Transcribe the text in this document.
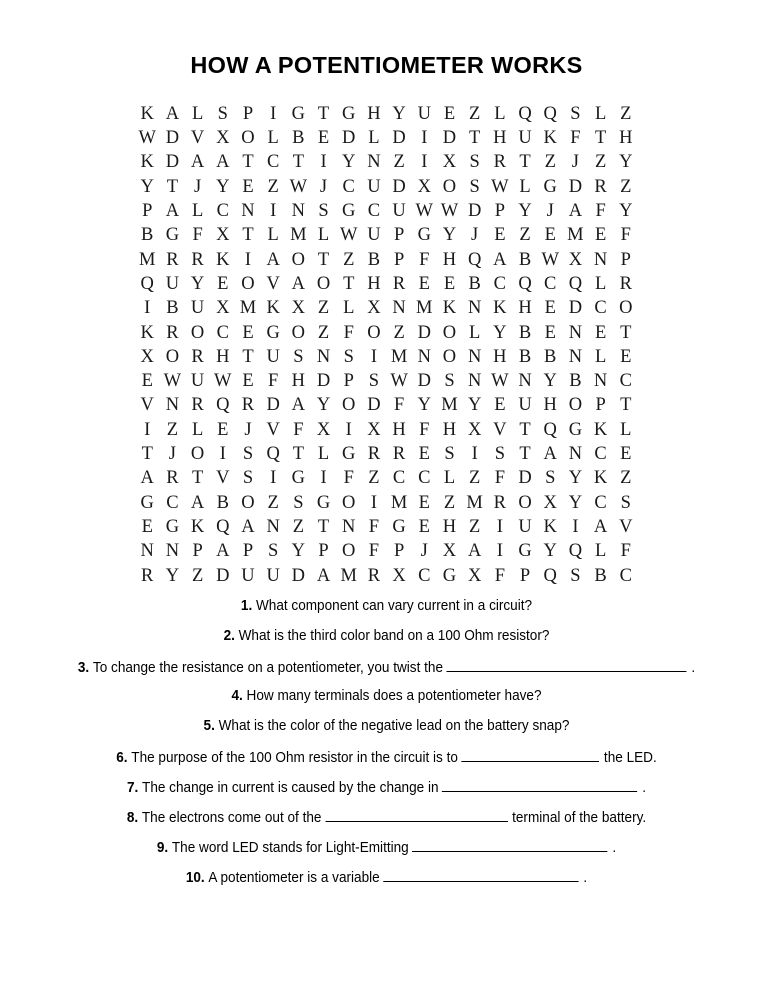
HOW A POTENTIOMETER WORKS
K A L S P I G T G H Y U E Z L Q Q S L Z
W D V X O L B E D L D I D T H U K F T H
K D A A T C T I Y N Z I X S R T Z J Z Y
Y T J Y E Z W J C U D X O S W L G D R Z
P A L C N I N S G C U W W D P Y J A F Y
B G F X T L M L W U P G Y J E Z E M E F
M R R K I A O T Z B P F H Q A B W X N P
Q U Y E O V A O T H R E E B C Q C Q L R
I B U X M K X Z L X N M K N K H E D C O
K R O C E G O Z F O Z D O L Y B E N E T
X O R H T U S N S I M N O N H B B N L E
E W U W E F H D P S W D S N W N Y B N C
V N R Q R D A Y O D F Y M Y E U H O P T
I Z L E J V F X I X H F H X V T Q G K L
T J O I S Q T L G R R E S I S T A N C E
A R T V S I G I F Z C C L Z F D S Y K Z
G C A B O Z S G O I M E Z M R O X Y C S
E G K Q A N Z T N F G E H Z I U K I A V
N N P A P S Y P O F P J X A I G Y Q L F
R Y Z D U U D A M R X C G X F P Q S B C
1. What component can vary current in a circuit?
2. What is the third color band on a 100 Ohm resistor?
3. To change the resistance on a potentiometer, you twist the	.
4. How many terminals does a potentiometer have?
5. What is the color of the negative lead on the battery snap?
6. The purpose of the 100 Ohm resistor in the circuit is to	the LED.
7. The change in current is caused by the change in	.
8. The electrons come out of the	terminal of the battery.
9. The word LED stands for Light-Emitting	.
10. A potentiometer is a variable	.
